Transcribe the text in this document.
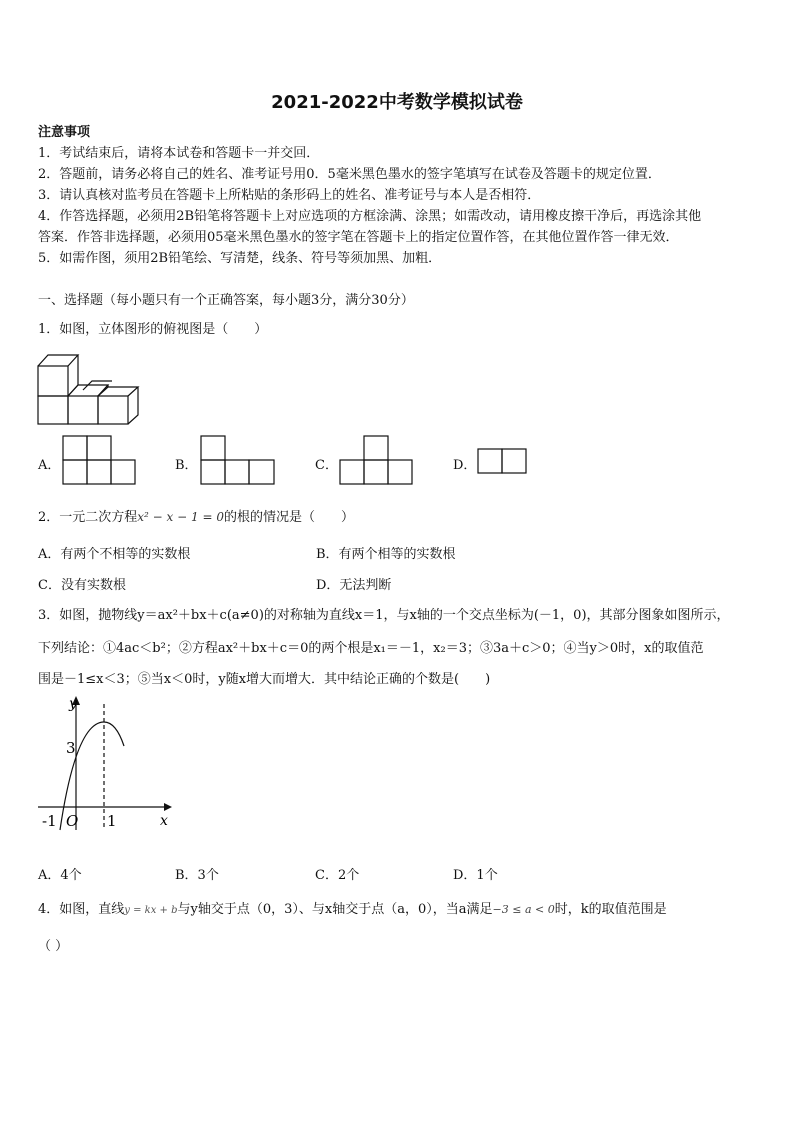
2021-2022中考数学模拟试卷
注意事项
1．考试结束后，请将本试卷和答题卡一并交回．
2．答题前，请务必将自己的姓名、准考证号用0．5毫米黑色墨水的签字笔填写在试卷及答题卡的规定位置．
3．请认真核对监考员在答题卡上所粘贴的条形码上的姓名、准考证号与本人是否相符．
4．作答选择题，必须用2B铅笔将答题卡上对应选项的方框涂满、涂黑；如需改动，请用橡皮擦干净后，再选涂其他
答案．作答非选择题，必须用05毫米黑色墨水的签字笔在答题卡上的指定位置作答，在其他位置作答一律无效．
5．如需作图，须用2B铅笔绘、写清楚，线条、符号等须加黑、加粗．
一、选择题（每小题只有一个正确答案，每小题3分，满分30分）
1．如图，立体图形的俯视图是（　　）
A．	B．	C．	D．
2．一元二次方程x² − x − 1 = 0的根的情况是（　　）
A．有两个不相等的实数根	B．有两个相等的实数根
C．没有实数根	D．无法判断
3．如图，抛物线y＝ax²＋bx＋c(a≠0)的对称轴为直线x＝1，与x轴的一个交点坐标为(－1，0)，其部分图象如图所示，
下列结论：①4ac＜b²；②方程ax²＋bx＋c＝0的两个根是x₁＝－1，x₂＝3；③3a＋c＞0；④当y＞0时，x的取值范
围是－1≤x＜3；⑤当x＜0时，y随x增大而增大．其中结论正确的个数是(　　)
y
x
3
-1 O 1
A．4个	B．3个	C．2个	D．1个
4．如图，直线y = kx + b与y轴交于点（0，3）、与x轴交于点（a，0），当a满足−3 ≤ a < 0时，k的取值范围是
（ ）
